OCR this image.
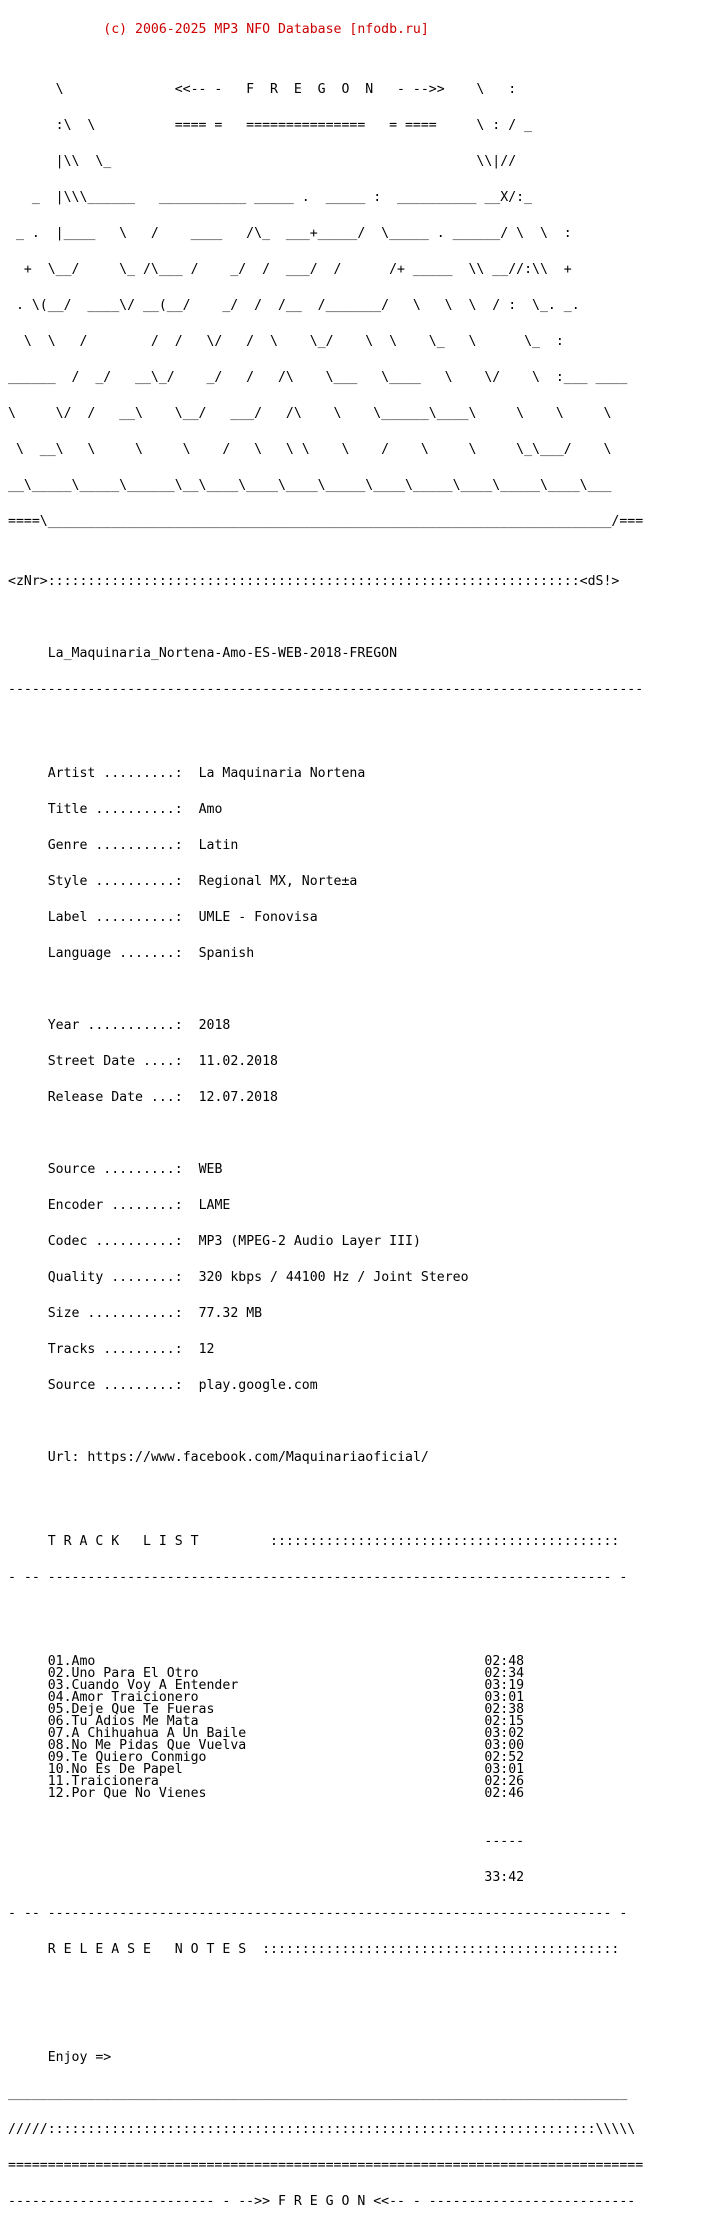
(c) 2006-2025 MP3 NFO Database [nfodb.ru]

\              <<-- -   F  R  E  G  O  N   - -->>    \   :

:\  \          ==== =   ===============   = ====     \ : / _

|\\  \_                                              \\|//

_  |\\\______   ___________ _____ .  _____ :  __________ __X/:_

_ .  |____   \   /    ____   /\_  ___+_____/  \_____ . ______/ \  \  :

+  \__/     \_ /\___ /    _/  /  ___/  /      /+ _____  \\ __//:\\  +

. \(__/  ____\/ __(__/    _/  /  /__  /_______/   \   \  \  / :  \_. _.

\  \   /        /  /   \/   /  \    \_/    \  \    \_   \      \_  :

______  /  _/   __\_/    _/   /   /\    \___   \____   \    \/    \  :___ ____

\     \/  /   __\    \__/   ___/   /\    \    \______\____\     \    \     \

\  __\   \     \     \    /   \   \ \    \    /    \     \     \_\___/    \

__\_____\_____\______\__\____\____\____\_____\____\_____\____\_____\____\___

====\_______________________________________________________________________/===

<zNr>:::::::::::::::::::::::::::::::::::::::::::::::::::::::::::::::::::<dS!>

La_Maquinaria_Nortena-Amo-ES-WEB-2018-FREGON

--------------------------------------------------------------------------------

Artist .........: La Maquinaria Nortena

Title ..........: Amo

Genre ..........: Latin

Style ..........: Regional MX, Norte±a

Label ..........: UMLE - Fonovisa

Language .......: Spanish

Year ...........: 2018

Street Date ....: 11.02.2018

Release Date ...: 12.07.2018

Source .........: WEB

Encoder ........: LAME

Codec ..........: MP3 (MPEG-2 Audio Layer III)

Quality ........: 320 kbps / 44100 Hz / Joint Stereo

Size ...........: 77.32 MB

Tracks .........: 12

Source .........: play.google.com

Url: https://www.facebook.com/Maquinariaoficial/

T R A C K   L I S T	::::::::::::::::::::::::::::::::::::::::::::

- -- ----------------------------------------------------------------------- -

01.Amo	02:48
02.Uno Para El Otro	02:34
03.Cuando Voy A Entender	03:19
04.Amor Traicionero	03:01
05.Deje Que Te Fueras	02:38
06.Tu Adios Me Mata	02:15
07.A Chihuahua A Un Baile	03:02
08.No Me Pidas Que Vuelva	03:00
09.Te Quiero Conmigo	02:52
10.No Es De Papel	03:01
11.Traicionera	02:26
12.Por Que No Vienes	02:46

-----

33:42

- -- ----------------------------------------------------------------------- -

R E L E A S E   N O T E S :::::::::::::::::::::::::::::::::::::::::::::

Enjoy =>

______________________________________________________________________________

/////:::::::::::::::::::::::::::::::::::::::::::::::::::::::::::::::::::::\\\\\

================================================================================

-------------------------- - -->> F R E G O N <<-- - --------------------------
